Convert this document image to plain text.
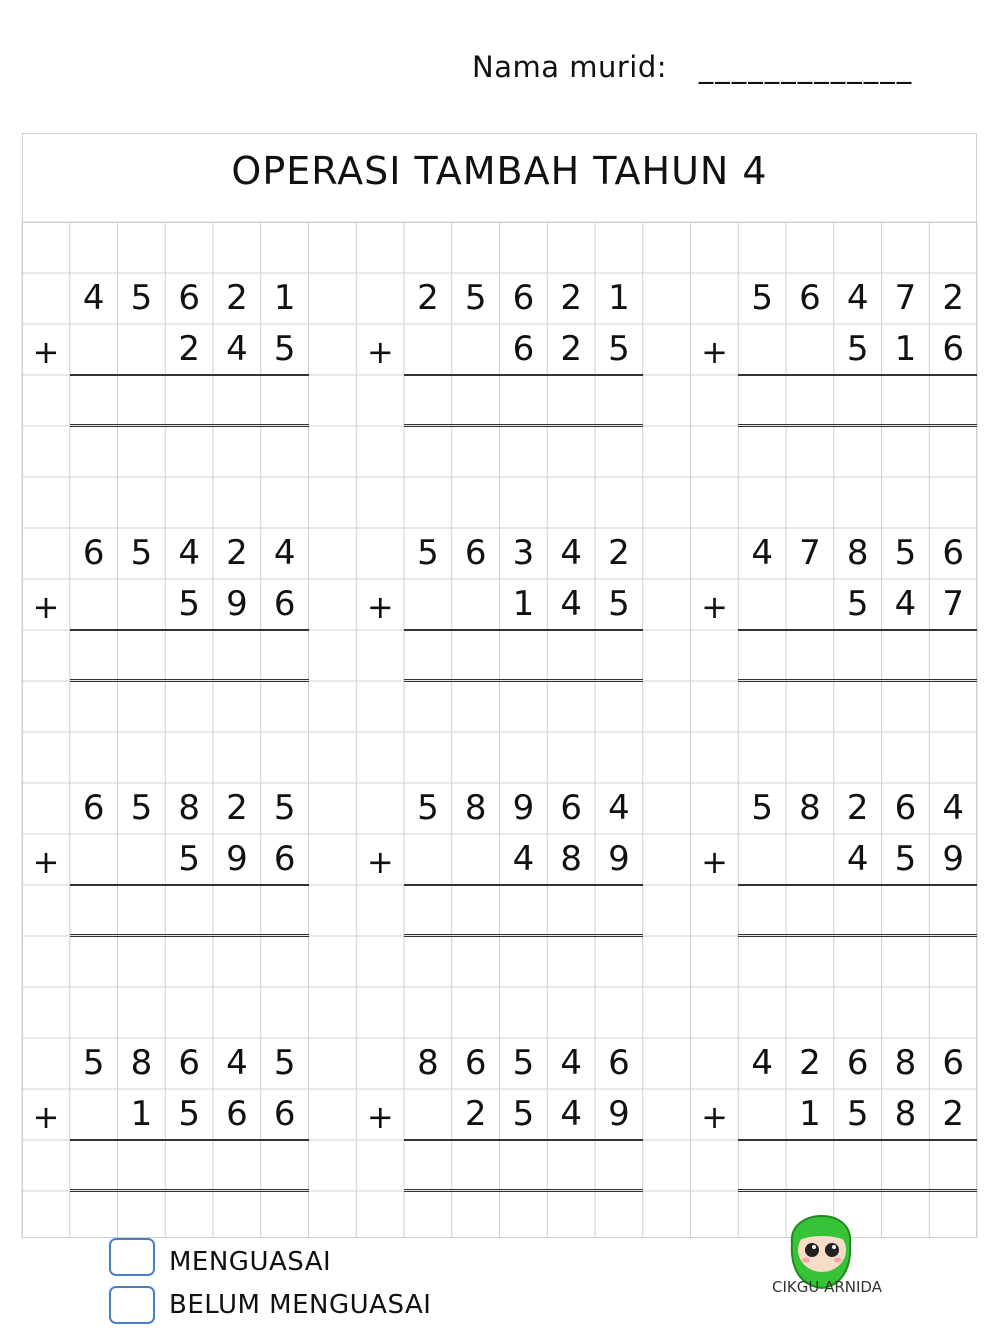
Nama murid: _____________
OPERASI TAMBAH TAHUN 4
4 5 6 2 1
+	2 4 5
2 5 6 2 1
+	6 2 5
5 6 4 7 2
+	5 1 6
6 5 4 2 4
+	5 9 6
5 6 3 4 2
+	1 4 5
4 7 8 5 6
+	5 4 7
6 5 8 2 5
+	5 9 6
5 8 9 6 4
+	4 8 9
5 8 2 6 4
+	4 5 9
5 8 6 4 5
+	1 5 6 6
8 6 5 4 6
+	2 5 4 9
4 2 6 8 6
+	1 5 8 2
MENGUASAI
BELUM MENGUASAI
CIKGU ARNIDA
